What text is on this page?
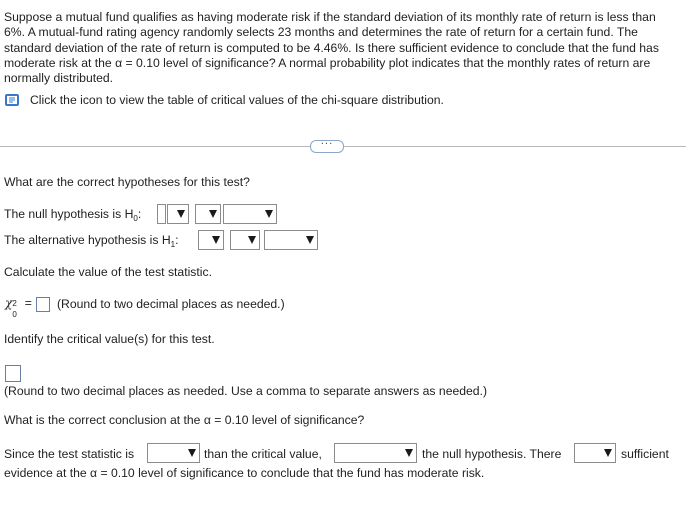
Suppose a mutual fund qualifies as having moderate risk if the standard deviation of its monthly rate of return is less than 6%. A mutual-fund rating agency randomly selects 23 months and determines the rate of return for a certain fund. The standard deviation of the rate of return is computed to be 4.46%. Is there sufficient evidence to conclude that the fund has moderate risk at the α = 0.10 level of significance? A normal probability plot indicates that the monthly rates of return are normally distributed.
Click the icon to view the table of critical values of the chi-square distribution.
···
What are the correct hypotheses for this test?
The null hypothesis is $H_0$:
The alternative hypothesis is $H_1$:
Calculate the value of the test statistic.
χ 2
0
= (Round to two decimal places as needed.)
Identify the critical value(s) for this test.
(Round to two decimal places as needed. Use a comma to separate answers as needed.)
What is the correct conclusion at the α = 0.10 level of significance?
Since the test statistic is	than the critical value,	the null hypothesis. There	sufficient
evidence at the α = 0.10 level of significance to conclude that the fund has moderate risk.
